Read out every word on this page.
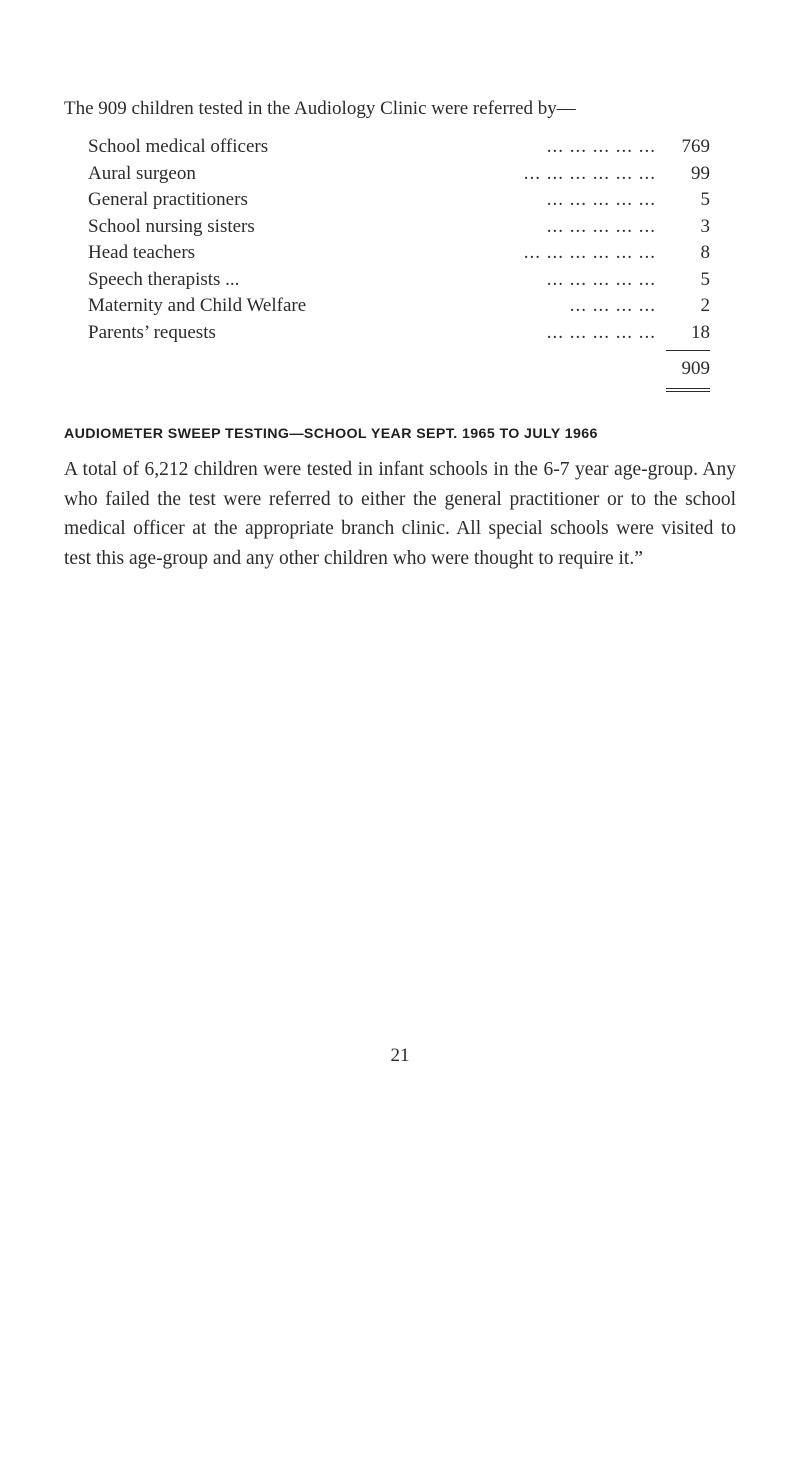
The 909 children tested in the Audiology Clinic were referred by—
School medical officers	... ... ... ... ... 769
Aural surgeon	... ... ... ... ... ... 99
General practitioners	... ... ... ... ... 5
School nursing sisters	... ... ... ... ... 3
Head teachers	... ... ... ... ... ... 8
Speech therapists ...	... ... ... ... ... 5
Maternity and Child Welfare	... ... ... ... 2
Parents’ requests	... ... ... ... ... 18
909
AUDIOMETER SWEEP TESTING—SCHOOL YEAR SEPT. 1965 TO JULY 1966
A total of 6,212 children were tested in infant schools in the 6-7 year age-group. Any who failed the test were referred to either the general practitioner or to the school medical officer at the appropriate branch clinic. All special schools were visited to test this age-group and any other children who were thought to require it.”
21
